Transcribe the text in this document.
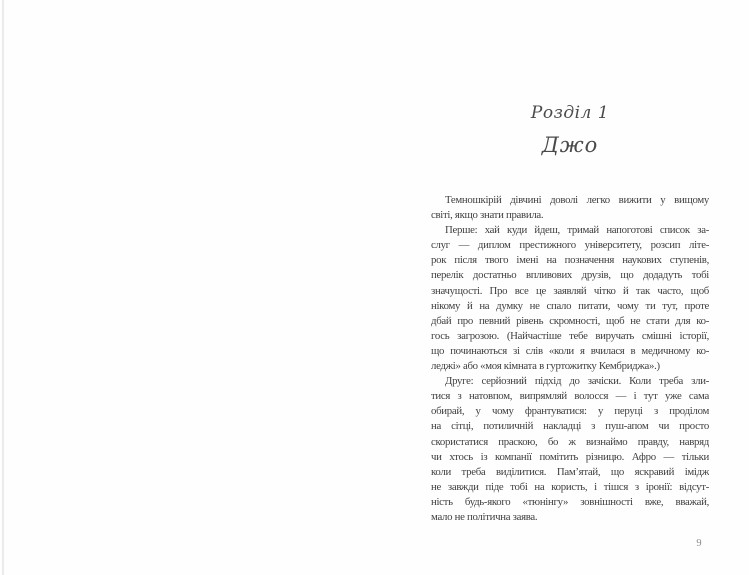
Розділ 1
Джо
Темношкірій дівчині доволі легко вижити у вищому
світі, якщо знати правила.
Перше: хай куди йдеш, тримай напоготові список за-
слуг — диплом престижного університету, розсип літе-
рок після твого імені на позначення наукових ступенів,
перелік достатньо впливових друзів, що додадуть тобі
значущості. Про все це заявляй чітко й так часто, щоб
нікому й на думку не спало питати, чому ти тут, проте
дбай про певний рівень скромності, щоб не стати для ко-
гось загрозою. (Найчастіше тебе виручать смішні історії,
що починаються зі слів «коли я вчилася в медичному ко-
леджі» або «моя кімната в гуртожитку Кембриджа».)
Друге: серйозний підхід до зачіски. Коли треба зли-
тися з натовпом, випрямляй волосся — і тут уже сама
обирай, у чому франтуватися: у перуці з проділом
на сітці, потиличній накладці з пуш-апом чи просто
скористатися праскою, бо ж визнаймо правду, навряд
чи хтось із компанії помітить різницю. Афро — тільки
коли треба виділитися. Пам’ятай, що яскравий імідж
не завжди піде тобі на користь, і тішся з іронії: відсут-
ність будь-якого «тюнінгу» зовнішності вже, вважай,
мало не політична заява.
9
